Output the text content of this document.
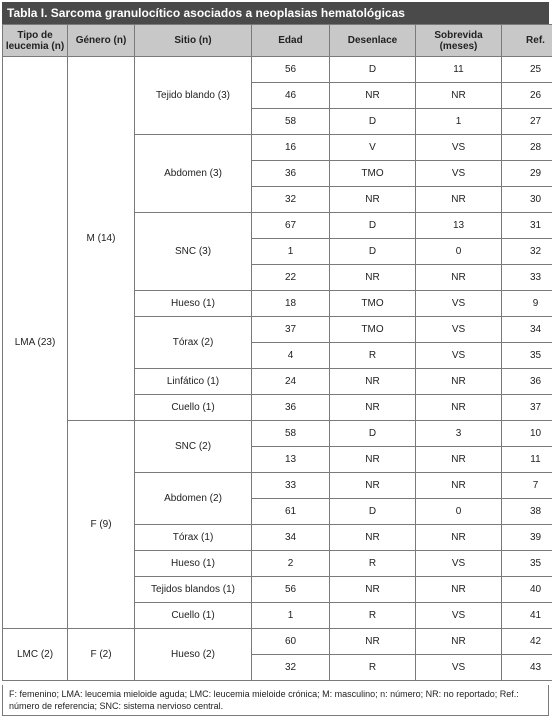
Tabla I. Sarcoma granulocítico asociados a neoplasias hematológicas
Tipo de leucemia (n)	Género (n)	Sitio (n)	Edad	Desenlace	Sobrevida (meses)	Ref.
LMA (23)	M (14)	Tejido blando (3)	56	D	11	25
			46	NR	NR	26
			58	D	1	27
		Abdomen (3)	16	V	VS	28
			36	TMO	VS	29
			32	NR	NR	30
		SNC (3)	67	D	13	31
			1	D	0	32
			22	NR	NR	33
		Hueso (1)	18	TMO	VS	9
		Tórax (2)	37	TMO	VS	34
			4	R	VS	35
		Linfático (1)	24	NR	NR	36
		Cuello (1)	36	NR	NR	37
	F (9)	SNC (2)	58	D	3	10
			13	NR	NR	11
		Abdomen (2)	33	NR	NR	7
			61	D	0	38
		Tórax (1)	34	NR	NR	39
		Hueso (1)	2	R	VS	35
		Tejidos blandos (1)	56	NR	NR	40
		Cuello (1)	1	R	VS	41
LMC (2)	F (2)	Hueso (2)	60	NR	NR	42
			32	R	VS	43
F: femenino; LMA: leucemia mieloide aguda; LMC: leucemia mieloide crónica; M: masculino; n: número; NR: no reportado; Ref.: número de referencia; SNC: sistema nervioso central.
